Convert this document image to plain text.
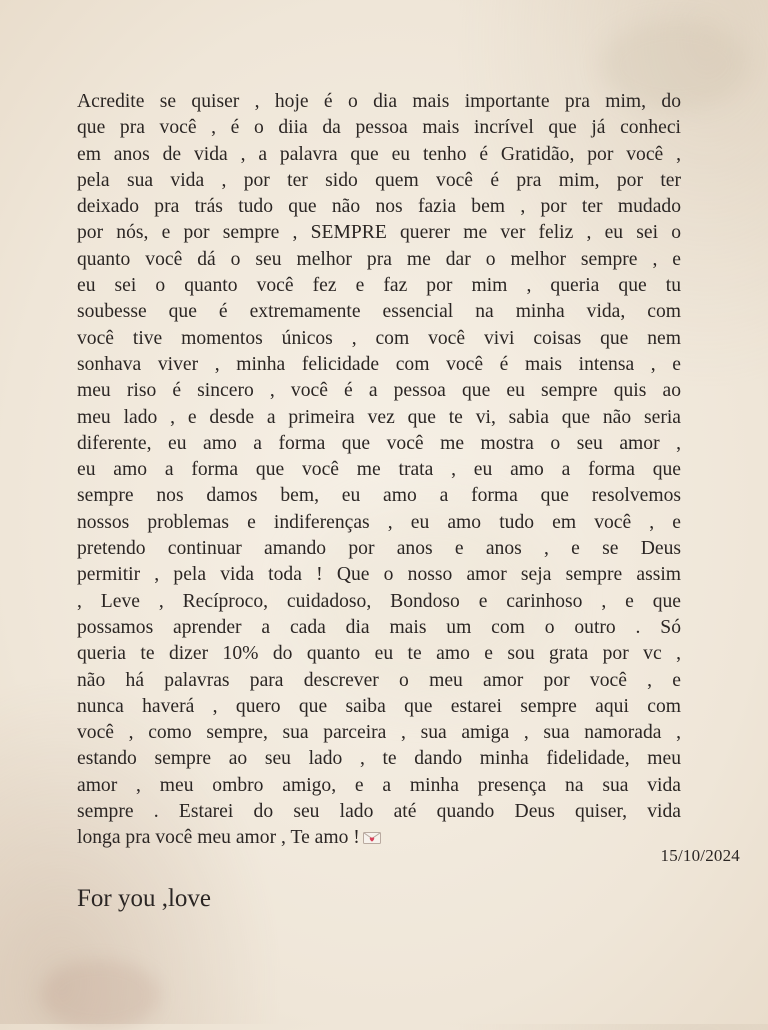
Acredite se quiser , hoje é o dia mais importante pra mim, do
que pra você , é o diia da pessoa mais incrível que já conheci
em anos de vida , a palavra que eu tenho é Gratidão, por você ,
pela sua vida , por ter sido quem você é pra mim, por ter
deixado pra trás tudo que não nos fazia bem , por ter mudado
por nós, e por sempre , SEMPRE querer me ver feliz , eu sei o
quanto você dá o seu melhor pra me dar o melhor sempre , e
eu sei o quanto você fez e faz por mim , queria que tu
soubesse que é extremamente essencial na minha vida, com
você tive momentos únicos , com você vivi coisas que nem
sonhava viver , minha felicidade com você é mais intensa , e
meu riso é sincero , você é a pessoa que eu sempre quis ao
meu lado , e desde a primeira vez que te vi, sabia que não seria
diferente, eu amo a forma que você me mostra o seu amor ,
eu amo a forma que você me trata , eu amo a forma que
sempre nos damos bem, eu amo a forma que resolvemos
nossos problemas e indiferenças , eu amo tudo em você , e
pretendo continuar amando por anos e anos , e se Deus
permitir , pela vida toda ! Que o nosso amor seja sempre assim
, Leve , Recíproco, cuidadoso, Bondoso e carinhoso , e que
possamos aprender a cada dia mais um com o outro . Só
queria te dizer 10% do quanto eu te amo e sou grata por vc ,
não há palavras para descrever o meu amor por você , e
nunca haverá , quero que saiba que estarei sempre aqui com
você , como sempre, sua parceira , sua amiga , sua namorada ,
estando sempre ao seu lado , te dando minha fidelidade, meu
amor , meu ombro amigo, e a minha presença na sua vida
sempre . Estarei do seu lado até quando Deus quiser, vida
longa pra você meu amor , Te amo !
15/10/2024
For you ,love
